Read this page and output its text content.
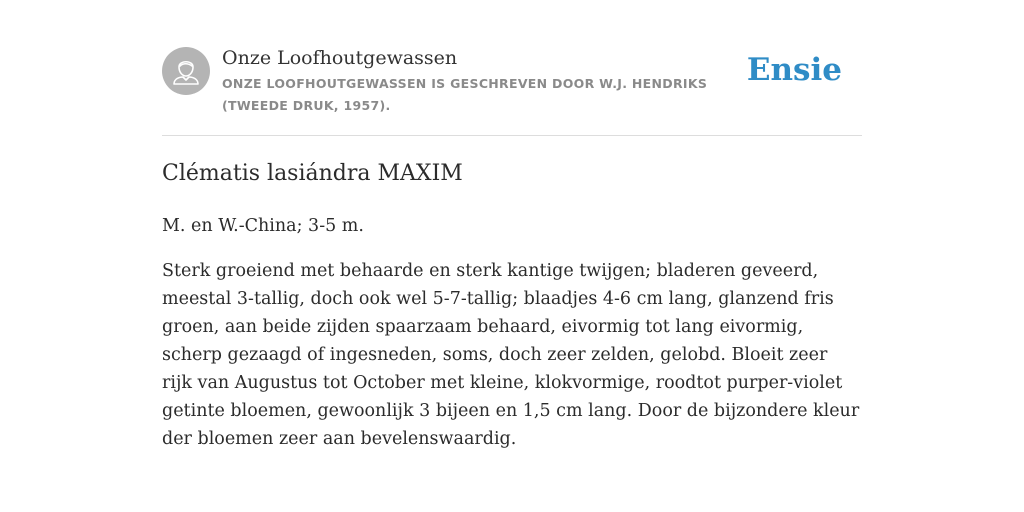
Onze Loofhoutgewassen
ONZE LOOFHOUTGEWASSEN IS GESCHREVEN DOOR W.J. HENDRIKS (TWEEDE DRUK, 1957).
Ensie
Clématis lasiándra MAXIM

M. en W.-China; 3-5 m.

Sterk groeiend met behaarde en sterk kantige twijgen; bladeren geveerd, meestal 3-tallig, doch ook wel 5-7-tallig; blaadjes 4-6 cm lang, glanzend fris groen, aan beide zijden spaarzaam behaard, eivormig tot lang eivormig, scherp gezaagd of ingesneden, soms, doch zeer zelden, gelobd. Bloeit zeer rijk van Augustus tot October met kleine, klokvormige, roodtot purper-violet getinte bloemen, gewoonlijk 3 bijeen en 1,5 cm lang. Door de bijzondere kleur der bloemen zeer aan bevelenswaardig.
